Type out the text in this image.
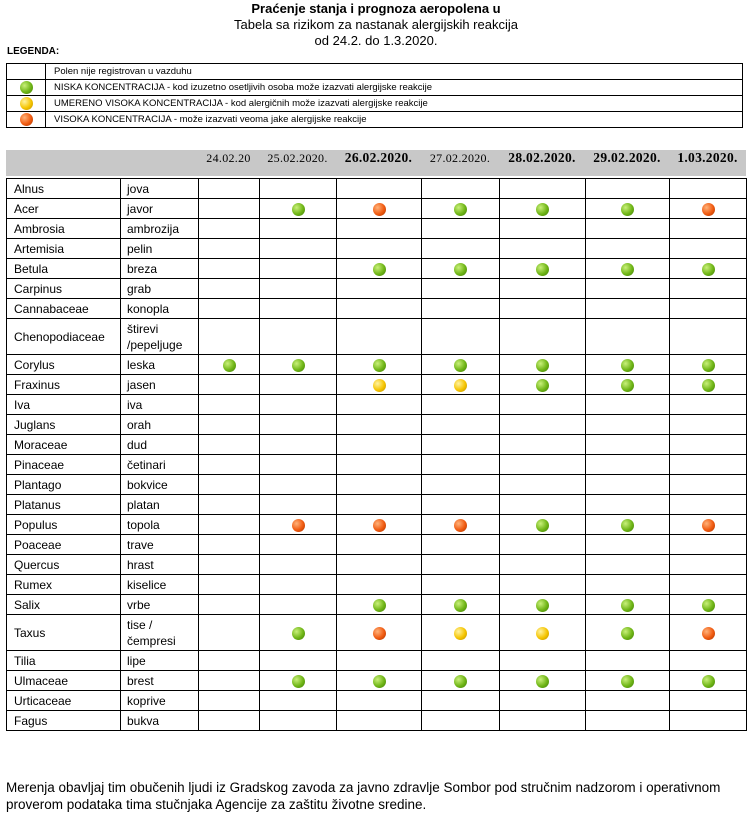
Praćenje stanja i prognoza aeropolena u
Tabela sa rizikom za nastanak alergijskih reakcija
od 24.2. do 1.3.2020.
LEGENDA:
	Polen nije registrovan u vazduhu
	NISKA KONCENTRACIJA - kod izuzetno osetljivih osoba može izazvati alergijske reakcije
	UMERENO VISOKA KONCENTRACIJA - kod alergičnih može izazvati alergijske reakcije
	VISOKA KONCENTRACIJA - može izazvati veoma jake alergijske reakcije
24.02.20	25.02.2020.	26.02.2020.	27.02.2020.	28.02.2020.	29.02.2020.	1.03.2020.
Alnus	jova							
Acer	javor							
Ambrosia	ambrozija							
Artemisia	pelin							
Betula	breza							
Carpinus	grab							
Cannabaceae	konopla							
Chenopodiaceae	štirevi /pepeljuge							
Corylus	leska							
Fraxinus	jasen							
Iva	iva							
Juglans	orah							
Moraceae	dud							
Pinaceae	četinari							
Plantago	bokvice							
Platanus	platan							
Populus	topola							
Poaceae	trave							
Quercus	hrast							
Rumex	kiselice							
Salix	vrbe							
Taxus	tise / čempresi							
Tilia	lipe							
Ulmaceae	brest							
Urticaceae	koprive							
Fagus	bukva							
Merenja obavljaj tim obučenih ljudi iz Gradskog zavoda za javno zdravlje Sombor pod stručnim nadzorom i operativnom proverom podataka tima stučnjaka Agencije za zaštitu životne sredine.
